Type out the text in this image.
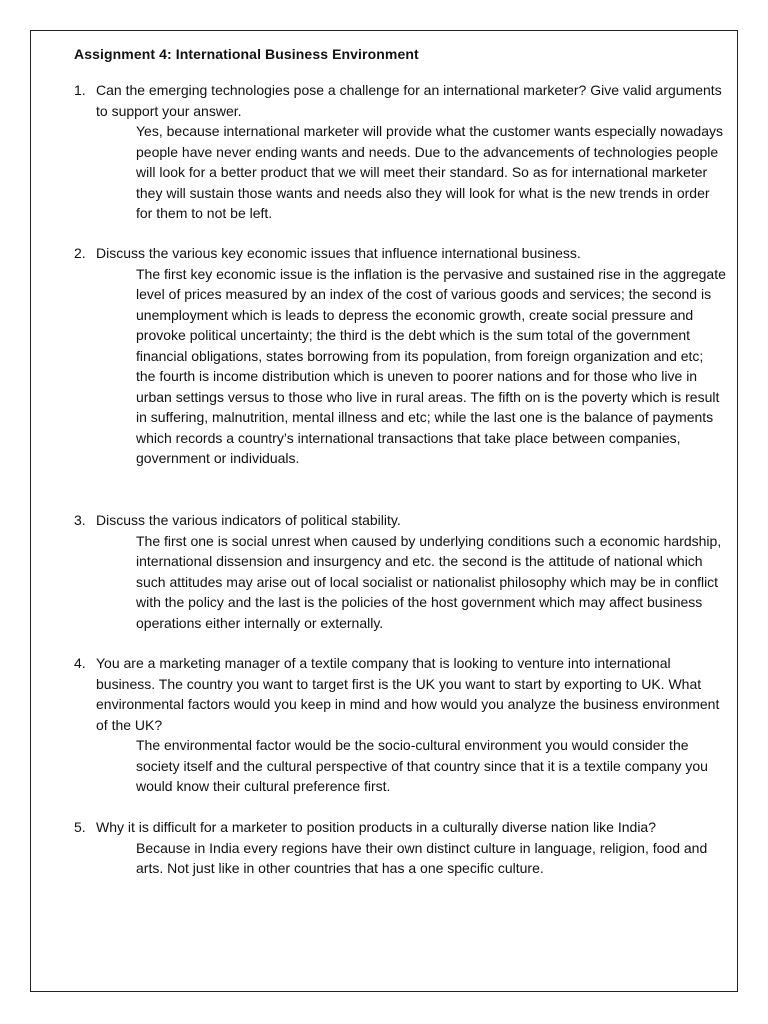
Assignment 4: International Business Environment
1. Can the emerging technologies pose a challenge for an international marketer? Give valid arguments to support your answer.
Yes, because international marketer will provide what the customer wants especially nowadays people have never ending wants and needs. Due to the advancements of technologies people will look for a better product that we will meet their standard. So as for international marketer they will sustain those wants and needs also they will look for what is the new trends in order for them to not be left.
2. Discuss the various key economic issues that influence international business.
The first key economic issue is the inflation is the pervasive and sustained rise in the aggregate level of prices measured by an index of the cost of various goods and services; the second is unemployment which is leads to depress the economic growth, create social pressure and provoke political uncertainty; the third is the debt which is the sum total of the government financial obligations, states borrowing from its population, from foreign organization and etc; the fourth is income distribution which is uneven to poorer nations and for those who live in urban settings versus to those who live in rural areas. The fifth on is the poverty which is result in suffering, malnutrition, mental illness and etc; while the last one is the balance of payments which records a country’s international transactions that take place between companies, government or individuals.
3. Discuss the various indicators of political stability.
The first one is social unrest when caused by underlying conditions such a economic hardship, international dissension and insurgency and etc. the second is the attitude of national which such attitudes may arise out of local socialist or nationalist philosophy which may be in conflict with the policy and the last is the policies of the host government which may affect business operations either internally or externally.
4. You are a marketing manager of a textile company that is looking to venture into international business. The country you want to target first is the UK you want to start by exporting to UK. What environmental factors would you keep in mind and how would you analyze the business environment of the UK?
The environmental factor would be the socio-cultural environment you would consider the society itself and the cultural perspective of that country since that it is a textile company you would know their cultural preference first.
5. Why it is difficult for a marketer to position products in a culturally diverse nation like India?
Because in India every regions have their own distinct culture in language, religion, food and arts. Not just like in other countries that has a one specific culture.
